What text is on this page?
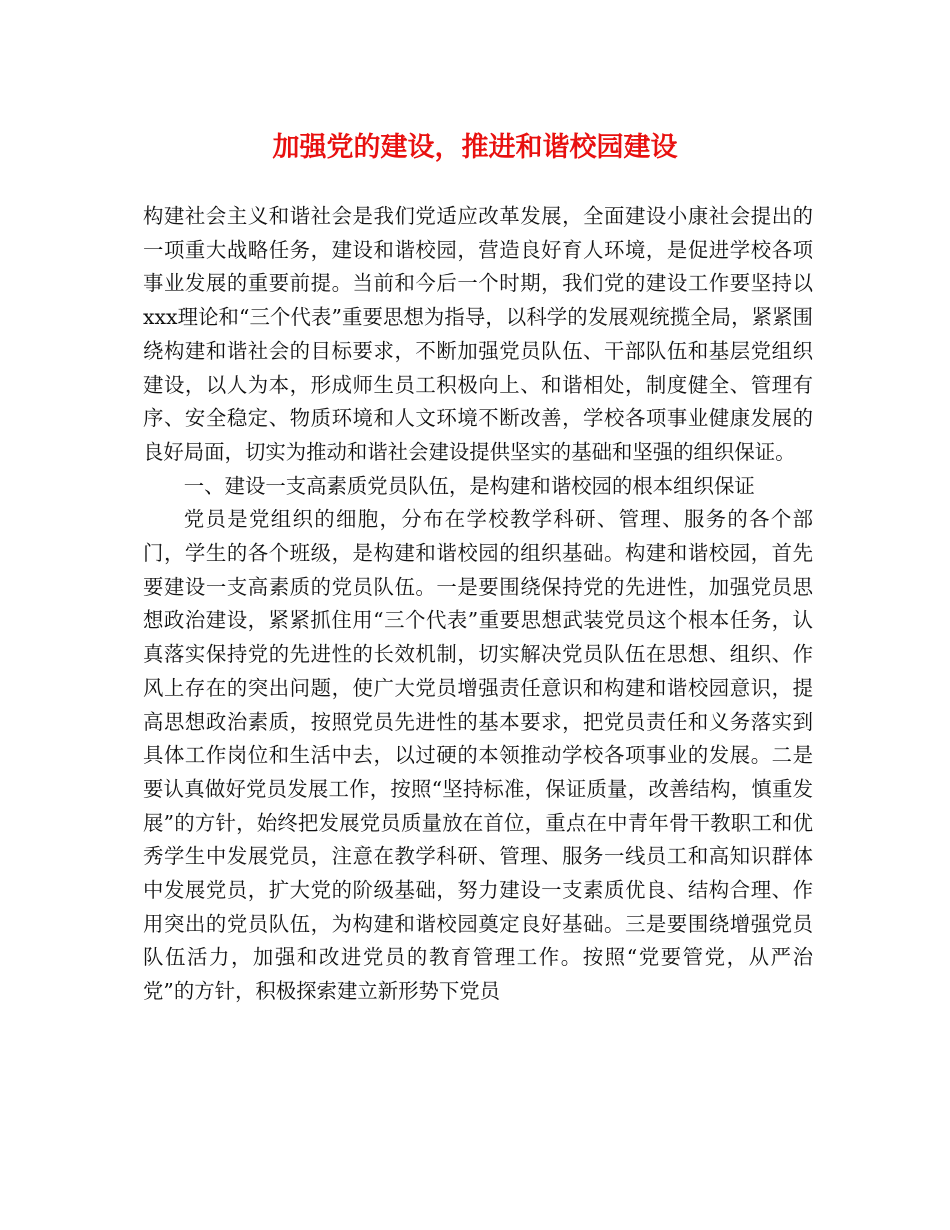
加强党的建设，推进和谐校园建设

构建社会主义和谐社会是我们党适应改革发展，全面建设小康社会提出的一项重大战略任务，建设和谐校园，营造良好育人环境，是促进学校各项事业发展的重要前提。当前和今后一个时期，我们党的建设工作要坚持以xxx理论和“三个代表”重要思想为指导，以科学的发展观统揽全局，紧紧围绕构建和谐社会的目标要求，不断加强党员队伍、干部队伍和基层党组织建设，以人为本，形成师生员工积极向上、和谐相处，制度健全、管理有序、安全稳定、物质环境和人文环境不断改善，学校各项事业健康发展的良好局面，切实为推动和谐社会建设提供坚实的基础和坚强的组织保证。

一、建设一支高素质党员队伍，是构建和谐校园的根本组织保证

党员是党组织的细胞，分布在学校教学科研、管理、服务的各个部门，学生的各个班级，是构建和谐校园的组织基础。构建和谐校园，首先要建设一支高素质的党员队伍。一是要围绕保持党的先进性，加强党员思想政治建设，紧紧抓住用“三个代表”重要思想武装党员这个根本任务，认真落实保持党的先进性的长效机制，切实解决党员队伍在思想、组织、作风上存在的突出问题，使广大党员增强责任意识和构建和谐校园意识，提高思想政治素质，按照党员先进性的基本要求，把党员责任和义务落实到具体工作岗位和生活中去，以过硬的本领推动学校各项事业的发展。二是要认真做好党员发展工作，按照“坚持标准，保证质量，改善结构，慎重发展”的方针，始终把发展党员质量放在首位，重点在中青年骨干教职工和优秀学生中发展党员，注意在教学科研、管理、服务一线员工和高知识群体中发展党员，扩大党的阶级基础，努力建设一支素质优良、结构合理、作用突出的党员队伍，为构建和谐校园奠定良好基础。三是要围绕增强党员队伍活力，加强和改进党员的教育管理工作。按照“党要管党，从严治党”的方针，积极探索建立新形势下党员
